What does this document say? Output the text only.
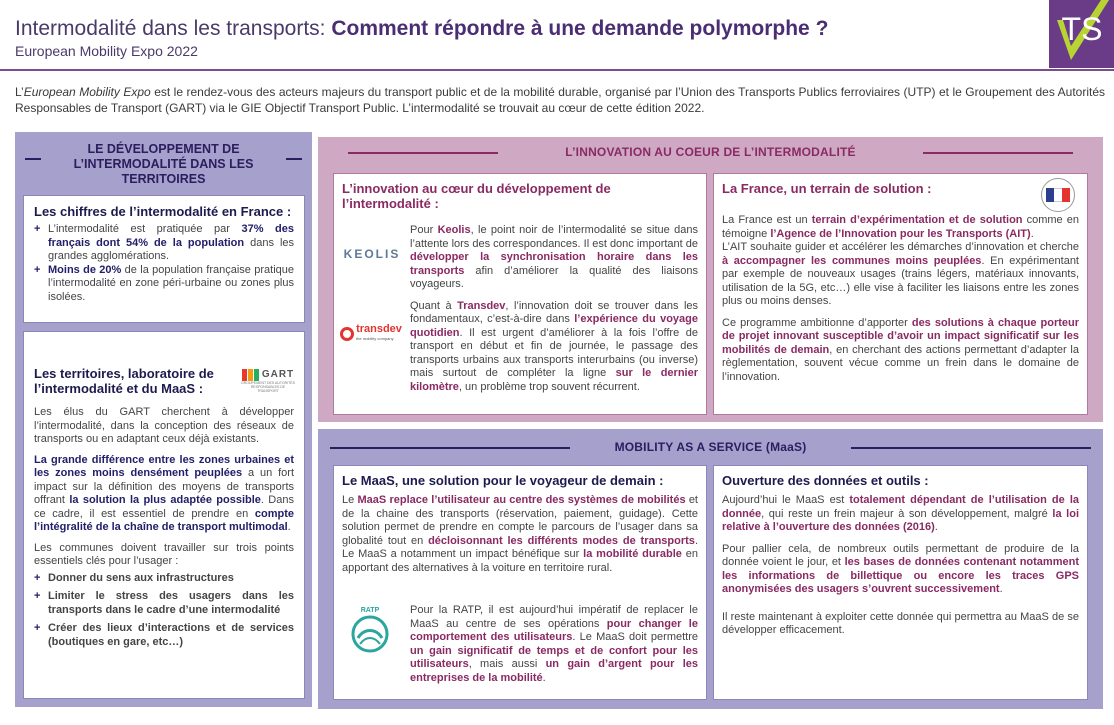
Intermodalité dans les transports: Comment répondre à une demande polymorphe ?
European Mobility Expo 2022
TS
L’European Mobility Expo est le rendez-vous des acteurs majeurs du transport public et de la mobilité durable, organisé par l’Union des Transports Publics ferroviaires (UTP) et le Groupement des Autorités Responsables de Transport (GART) via le GIE Objectif Transport Public. L’intermodalité se trouvait au cœur de cette édition 2022.
LE DÉVELOPPEMENT DE L’INTERMODALITÉ DANS LES TERRITOIRES
Les chiffres de l’intermodalité en France :
+ L’intermodalité est pratiquée par 37% des français dont 54% de la population dans les grandes agglomérations.
+ Moins de 20% de la population française pratique l’intermodalité en zone péri-urbaine ou zones plus isolées.
Les territoires, laboratoire de l’intermodalité et du MaaS :
GART
GROUPEMENT DES AUTORITÉS RESPONSABLES DE TRANSPORT

Les élus du GART cherchent à développer l’intermodalité, dans la conception des réseaux de transports ou en adaptant ceux déjà existants.

La grande différence entre les zones urbaines et les zones moins densément peuplées a un fort impact sur la définition des moyens de transports offrant la solution la plus adaptée possible. Dans ce cadre, il est essentiel de prendre en compte l’intégralité de la chaîne de transport multimodal.

Les communes doivent travailler sur trois points essentiels clés pour l’usager :

+ Donner du sens aux infrastructures
+ Limiter le stress des usagers dans les transports dans le cadre d’une intermodalité
+ Créer des lieux d’interactions et de services (boutiques en gare, etc…)
L’INNOVATION AU COEUR DE L’INTERMODALITÉ
L’innovation au cœur du développement de l’intermodalité :
KEOLIS
transdev
the mobility company

Pour Keolis, le point noir de l’intermodalité se situe dans l’attente lors des correspondances. Il est donc important de développer la synchronisation horaire dans les transports afin d’améliorer la qualité des liaisons voyageurs.

Quant à Transdev, l’innovation doit se trouver dans les fondamentaux, c’est-à-dire dans l’expérience du voyage quotidien. Il est urgent d’améliorer à la fois l’offre de transport en début et fin de journée, le passage des transports urbains aux transports interurbains (ou inverse) mais surtout de compléter la ligne sur le dernier kilomètre, un problème trop souvent récurrent.

La France, un terrain de solution :

La France est un terrain d’expérimentation et de solution comme en témoigne l’Agence de l’Innovation pour les Transports (AIT).

L’AIT souhaite guider et accélérer les démarches d’innovation et cherche à accompagner les communes moins peuplées. En expérimentant par exemple de nouveaux usages (trains légers, matériaux innovants, utilisation de la 5G, etc…) elle vise à faciliter les liaisons entre les zones plus ou moins denses.

Ce programme ambitionne d’apporter des solutions à chaque porteur de projet innovant susceptible d’avoir un impact significatif sur les mobilités de demain, en cherchant des actions permettant d’adapter la règlementation, souvent vécue comme un frein dans le domaine de l’innovation.

MOBILITY AS A SERVICE (MaaS)
Le MaaS, une solution pour le voyageur de demain :

Le MaaS replace l’utilisateur au centre des systèmes de mobilités et de la chaine des transports (réservation, paiement, guidage). Cette solution permet de prendre en compte le parcours de l’usager dans sa globalité tout en décloisonnant les différents modes de transports. Le MaaS a notamment un impact bénéfique sur la mobilité durable en apportant des alternatives à la voiture en territoire rural.

RATP	Pour la RATP, il est aujourd’hui impératif de replacer le MaaS au centre de ses opérations pour changer le comportement des utilisateurs. Le MaaS doit permettre un gain significatif de temps et de confort pour les utilisateurs, mais aussi un gain d’argent pour les entreprises de la mobilité.

Ouverture des données et outils :

Aujourd’hui le MaaS est totalement dépendant de l’utilisation de la donnée, qui reste un frein majeur à son développement, malgré la loi relative à l’ouverture des données (2016).

Pour pallier cela, de nombreux outils permettant de produire de la donnée voient le jour, et les bases de données contenant notamment les informations de billettique ou encore les traces GPS anonymisées des usagers s’ouvrent successivement.

Il reste maintenant à exploiter cette donnée qui permettra au MaaS de se développer efficacement.
